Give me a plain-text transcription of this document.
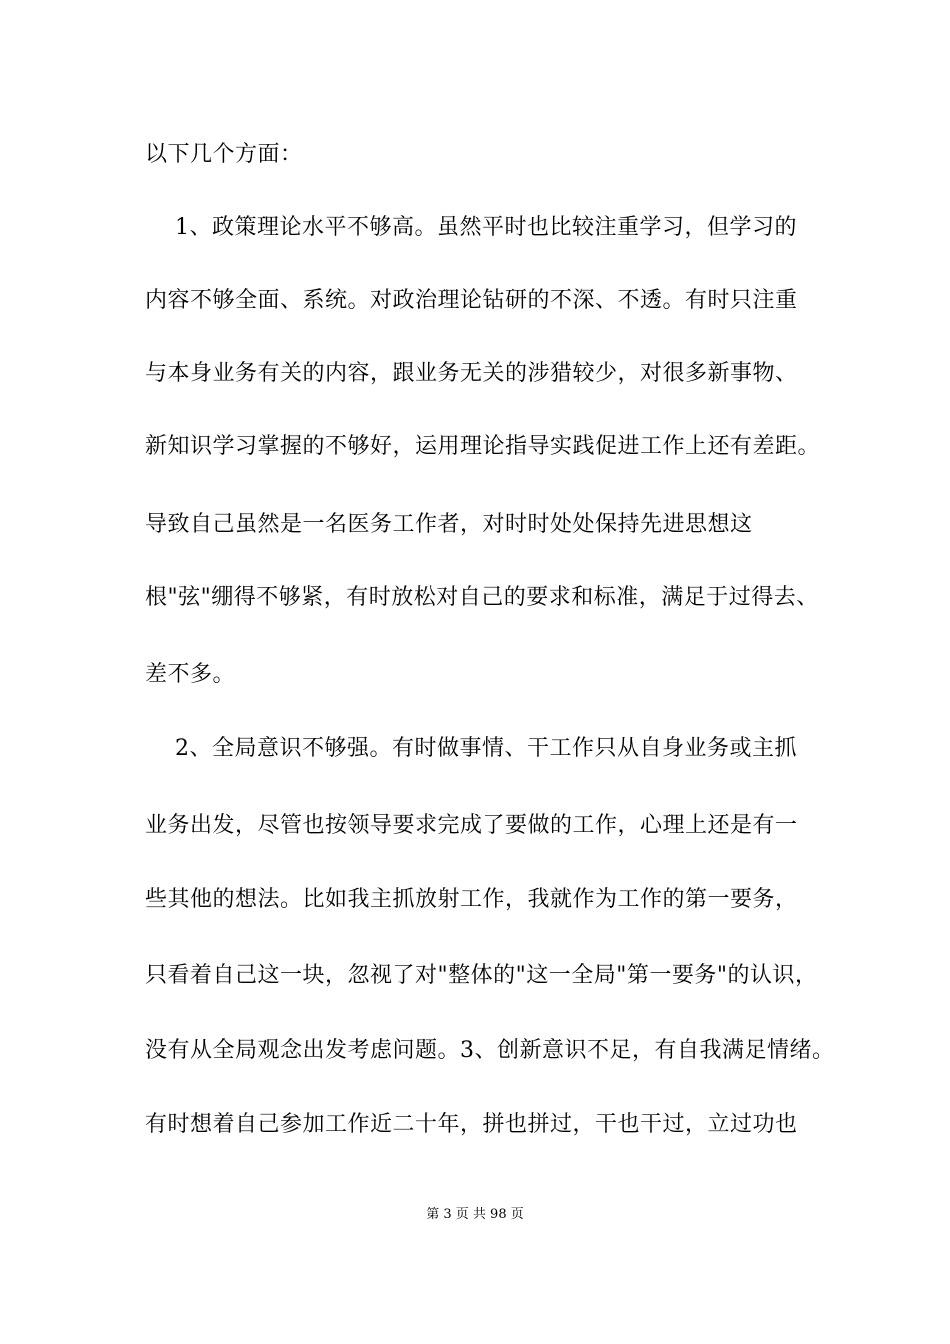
以下几个方面：
1、政策理论水平不够高。虽然平时也比较注重学习，但学习的
内容不够全面、系统。对政治理论钻研的不深、不透。有时只注重
与本身业务有关的内容，跟业务无关的涉猎较少，对很多新事物、
新知识学习掌握的不够好，运用理论指导实践促进工作上还有差距。
导致自己虽然是一名医务工作者，对时时处处保持先进思想这
根"弦"绷得不够紧，有时放松对自己的要求和标准，满足于过得去、
差不多。
2、全局意识不够强。有时做事情、干工作只从自身业务或主抓
业务出发，尽管也按领导要求完成了要做的工作，心理上还是有一
些其他的想法。比如我主抓放射工作，我就作为工作的第一要务，
只看着自己这一块，忽视了对"整体的"这一全局"第一要务"的认识，
没有从全局观念出发考虑问题。3、创新意识不足，有自我满足情绪。
有时想着自己参加工作近二十年，拼也拼过，干也干过，立过功也
第 3 页 共 98 页
